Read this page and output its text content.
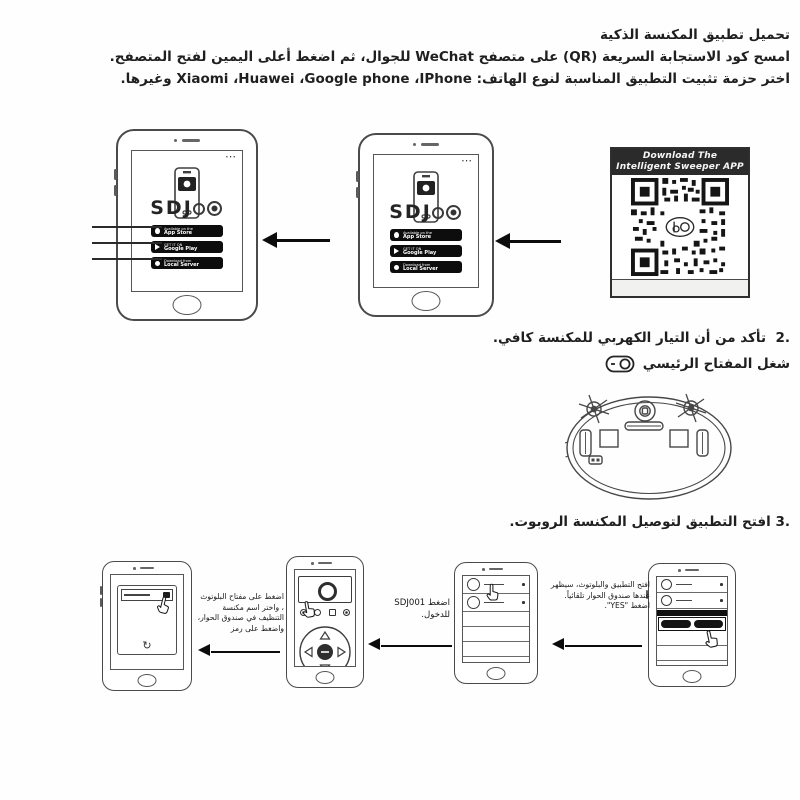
تحميل تطبيق المكنسة الذكية
امسح كود الاستجابة السريعة (QR) على متصفح WeChat للجوال، ثم اضغط أعلى اليمين لفتح المتصفح.
اختر حزمة تثبيت التطبيق المناسبة لنوع الهاتف: IPhone،‏ Google phone،‏ Huawei،‏ Xiaomi وغيرها.
⋯
SDJ
Available on the
App Store
GET IT ON
Google Play
Download from
Local Server
⋯
SDJ
Available on the
App Store
GET IT ON
Google Play
Download from
Local Server
Download The
Intelligent Sweeper APP
2.  تأكد من أن التيار الكهربي للمكنسة كافي.
شغل المفتاح الرئيسي
3. افتح التطبيق لتوصيل المكنسة الروبوت.
افتح التطبيق والبلوتوث، سيظهر عندها صندوق الحوار تلقائياً. اضغط "YES".
اضغط SDJ001 للدخول.
اضغط على مفتاح البلوتوث ، واختر اسم مكنسة التنظيف في صندوق الحوار، واضغط على رمز
↻
